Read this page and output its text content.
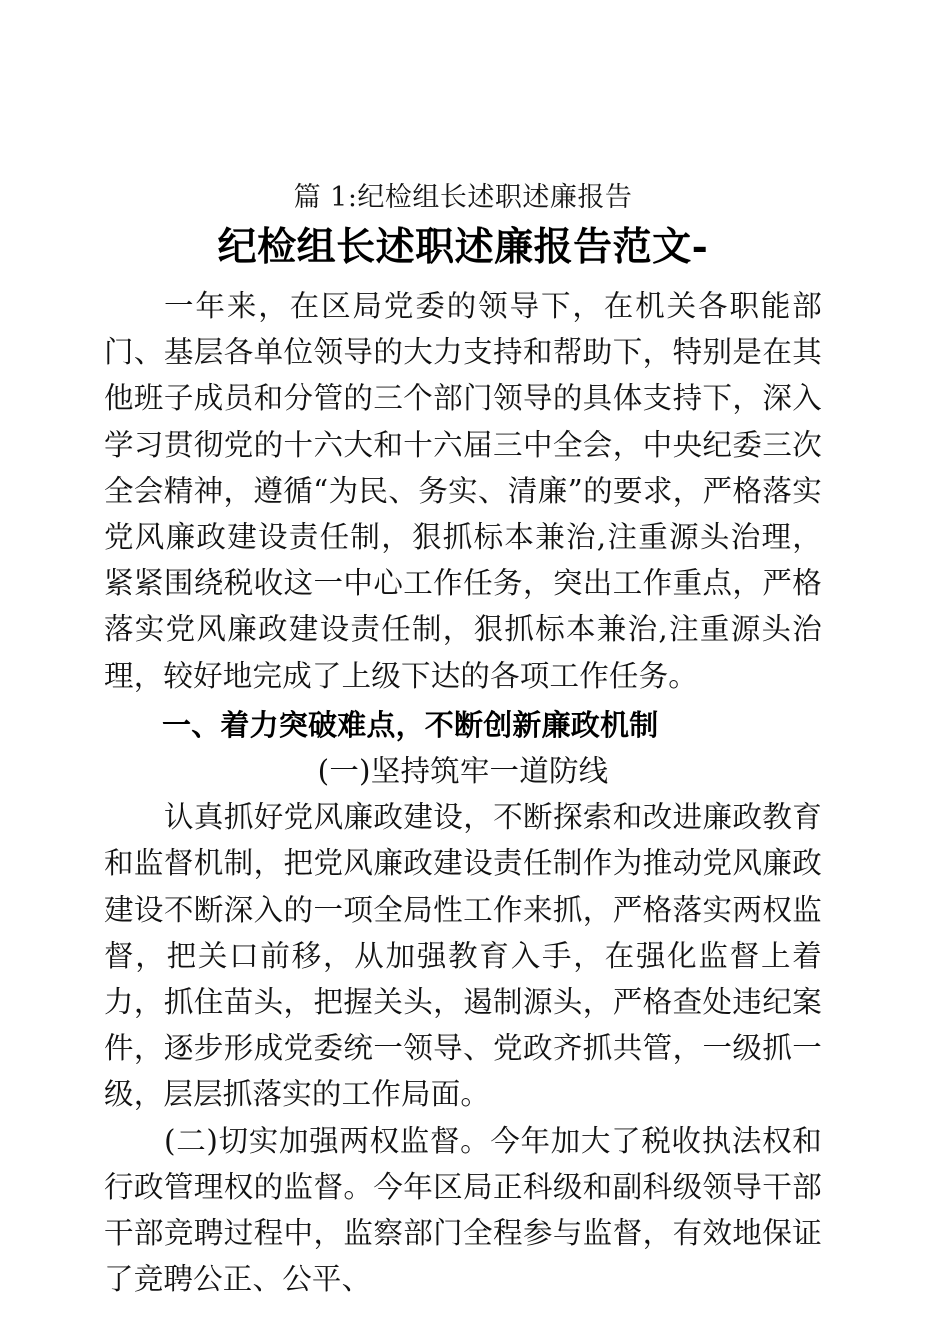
篇 1:纪检组长述职述廉报告
纪检组长述职述廉报告范文-

一年来，在区局党委的领导下，在机关各职能部门、基层各单位领导的大力支持和帮助下，特别是在其他班子成员和分管的三个部门领导的具体支持下，深入学习贯彻党的十六大和十六届三中全会，中央纪委三次全会精神，遵循“为民、务实、清廉”的要求，严格落实党风廉政建设责任制，狠抓标本兼治,注重源头治理，紧紧围绕税收这一中心工作任务，突出工作重点，严格落实党风廉政建设责任制，狠抓标本兼治,注重源头治理，较好地完成了上级下达的各项工作任务。

一、着力突破难点，不断创新廉政机制

(一)坚持筑牢一道防线

认真抓好党风廉政建设，不断探索和改进廉政教育和监督机制，把党风廉政建设责任制作为推动党风廉政建设不断深入的一项全局性工作来抓，严格落实两权监督，把关口前移，从加强教育入手，在强化监督上着力，抓住苗头，把握关头，遏制源头，严格查处违纪案件，逐步形成党委统一领导、党政齐抓共管，一级抓一级，层层抓落实的工作局面。

(二)切实加强两权监督。今年加大了税收执法权和行政管理权的监督。今年区局正科级和副科级领导干部干部竞聘过程中，监察部门全程参与监督，有效地保证了竞聘公正、公平、
